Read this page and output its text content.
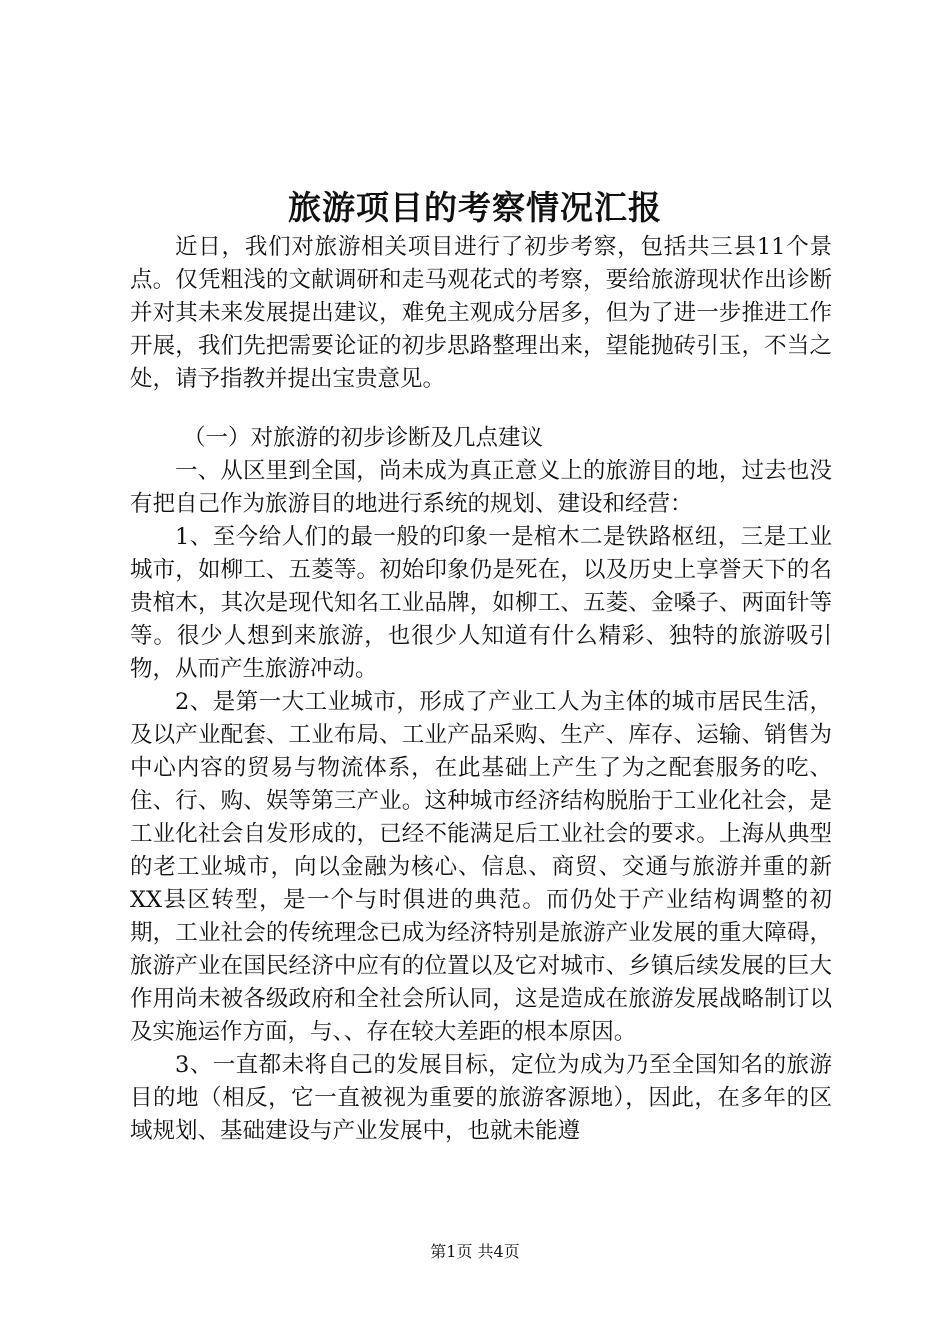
旅游项目的考察情况汇报
近日，我们对旅游相关项目进行了初步考察，包括共三县11个景点。仅凭粗浅的文献调研和走马观花式的考察，要给旅游现状作出诊断并对其未来发展提出建议，难免主观成分居多，但为了进一步推进工作开展，我们先把需要论证的初步思路整理出来，望能抛砖引玉，不当之处，请予指教并提出宝贵意见。
（一）对旅游的初步诊断及几点建议

一、从区里到全国，尚未成为真正意义上的旅游目的地，过去也没有把自己作为旅游目的地进行系统的规划、建设和经营：

1、至今给人们的最一般的印象一是棺木二是铁路枢纽，三是工业城市，如柳工、五菱等。初始印象仍是死在，以及历史上享誉天下的名贵棺木，其次是现代知名工业品牌，如柳工、五菱、金嗓子、两面针等等。很少人想到来旅游，也很少人知道有什么精彩、独特的旅游吸引物，从而产生旅游冲动。

2、是第一大工业城市，形成了产业工人为主体的城市居民生活，及以产业配套、工业布局、工业产品采购、生产、库存、运输、销售为中心内容的贸易与物流体系，在此基础上产生了为之配套服务的吃、住、行、购、娱等第三产业。这种城市经济结构脱胎于工业化社会，是工业化社会自发形成的，已经不能满足后工业社会的要求。上海从典型的老工业城市，向以金融为核心、信息、商贸、交通与旅游并重的新XX县区转型，是一个与时俱进的典范。而仍处于产业结构调整的初期，工业社会的传统理念已成为经济特别是旅游产业发展的重大障碍，旅游产业在国民经济中应有的位置以及它对城市、乡镇后续发展的巨大作用尚未被各级政府和全社会所认同，这是造成在旅游发展战略制订以及实施运作方面，与、、存在较大差距的根本原因。

3、一直都未将自己的发展目标，定位为成为乃至全国知名的旅游目的地（相反，它一直被视为重要的旅游客源地），因此，在多年的区域规划、基础建设与产业发展中，也就未能遵

第1页 共4页
